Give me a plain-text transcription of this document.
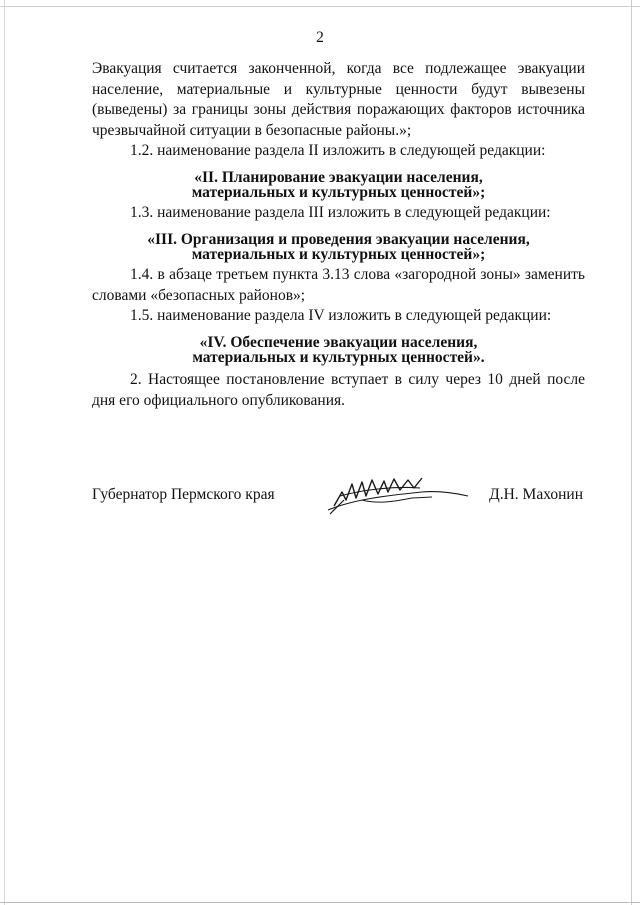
2
Эвакуация считается законченной, когда все подлежащее эвакуации население, материальные и культурные ценности будут вывезены (выведены) за границы зоны действия поражающих факторов источника чрезвычайной ситуации в безопасные районы.»;
1.2. наименование раздела II изложить в следующей редакции:
«II. Планирование эвакуации населения,
материальных и культурных ценностей»;
1.3. наименование раздела III изложить в следующей редакции:
«III. Организация и проведения эвакуации населения,
материальных и культурных ценностей»;
1.4. в абзаце третьем пункта 3.13 слова «загородной зоны» заменить словами «безопасных районов»;
1.5. наименование раздела IV изложить в следующей редакции:
«IV. Обеспечение эвакуации населения,
материальных и культурных ценностей».
2. Настоящее постановление вступает в силу через 10 дней после дня его официального опубликования.
Губернатор Пермского края	Д.Н. Махонин
